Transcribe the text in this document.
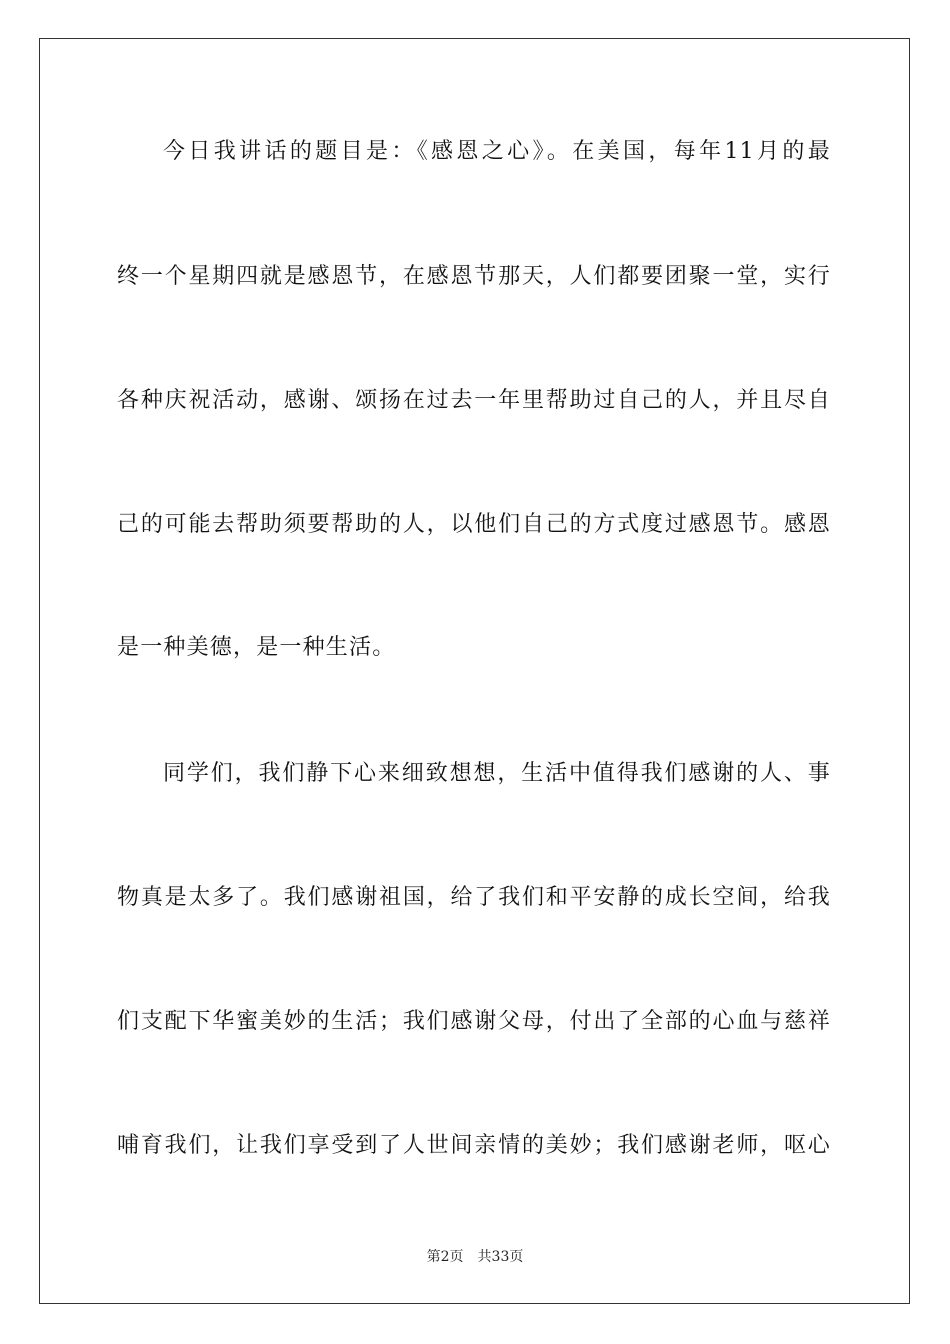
今日我讲话的题目是：《感恩之心》。在美国，每年11月的最
终一个星期四就是感恩节，在感恩节那天，人们都要团聚一堂，实行
各种庆祝活动，感谢、颂扬在过去一年里帮助过自己的人，并且尽自
己的可能去帮助须要帮助的人，以他们自己的方式度过感恩节。感恩
是一种美德，是一种生活。
同学们，我们静下心来细致想想，生活中值得我们感谢的人、事
物真是太多了。我们感谢祖国，给了我们和平安静的成长空间，给我
们支配下华蜜美妙的生活；我们感谢父母，付出了全部的心血与慈祥
哺育我们，让我们享受到了人世间亲情的美妙；我们感谢老师，呕心
第2页 共33页
